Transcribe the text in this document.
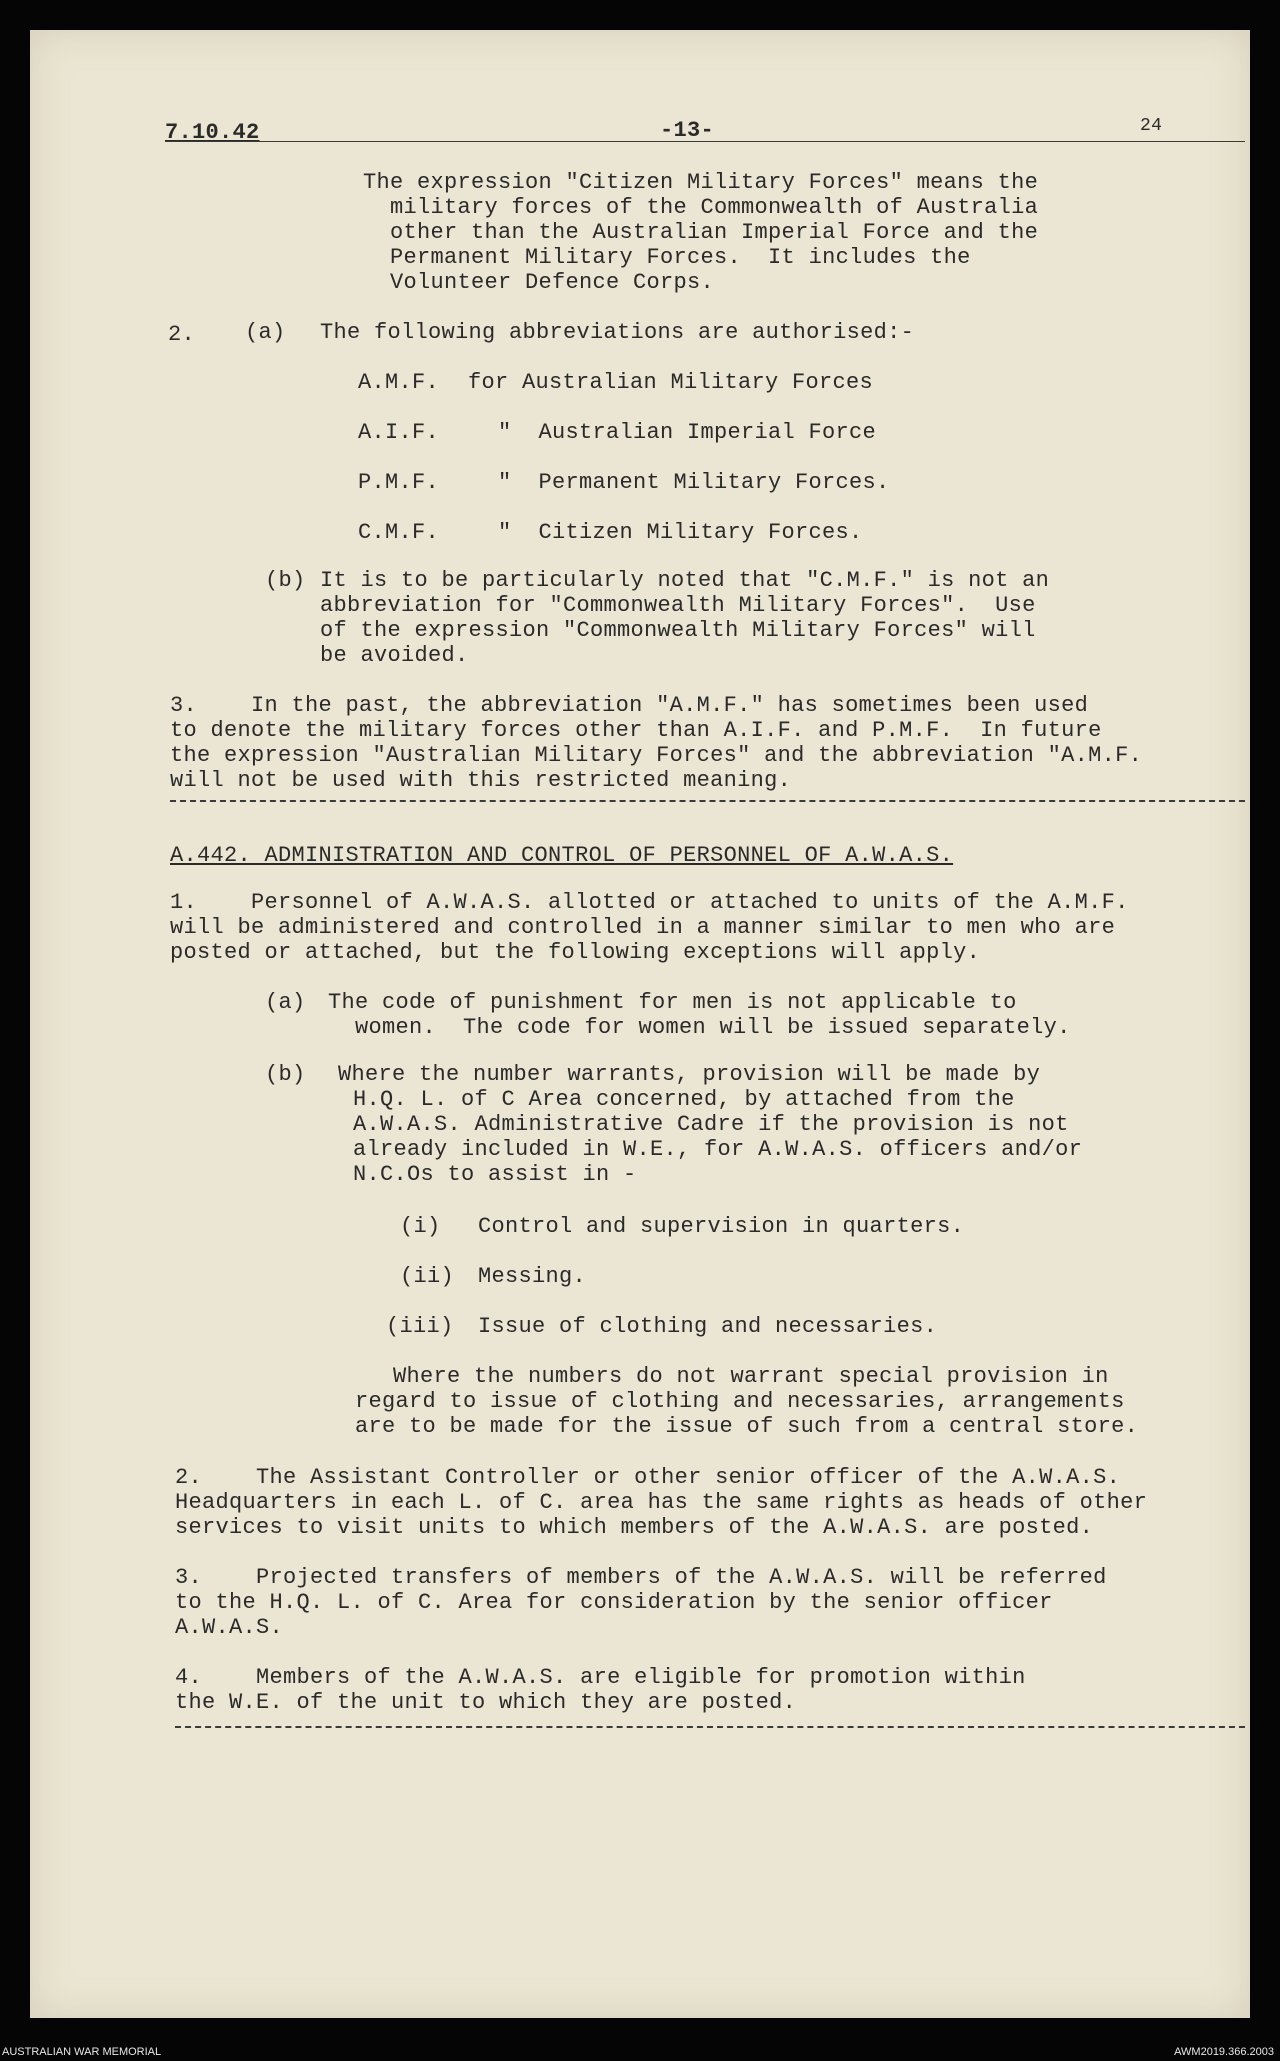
7.10.42	-13-	24
The expression "Citizen Military Forces" means the
military forces of the Commonwealth of Australia
other than the Australian Imperial Force and the
Permanent Military Forces.  It includes the
Volunteer Defence Corps.
2. (a) The following abbreviations are authorised:-
A.M.F. for Australian Military Forces
A.I.F.	"  Australian Imperial Force
P.M.F.	"  Permanent Military Forces.
C.M.F.	"  Citizen Military Forces.
(b) It is to be particularly noted that "C.M.F." is not an
abbreviation for "Commonwealth Military Forces".  Use
of the expression "Commonwealth Military Forces" will
be avoided.
3.    In the past, the abbreviation "A.M.F." has sometimes been used
to denote the military forces other than A.I.F. and P.M.F.  In future
the expression "Australian Military Forces" and the abbreviation "A.M.F.
will not be used with this restricted meaning.
A.442. ADMINISTRATION AND CONTROL OF PERSONNEL OF A.W.A.S.
1.    Personnel of A.W.A.S. allotted or attached to units of the A.M.F.
will be administered and controlled in a manner similar to men who are
posted or attached, but the following exceptions will apply.
(a) The code of punishment for men is not applicable to
women.  The code for women will be issued separately.
(b) Where the number warrants, provision will be made by
H.Q. L. of C Area concerned, by attached from the
A.W.A.S. Administrative Cadre if the provision is not
already included in W.E., for A.W.A.S. officers and/or
N.C.Os to assist in -
(i) Control and supervision in quarters.
(ii) Messing.
(iii) Issue of clothing and necessaries.
Where the numbers do not warrant special provision in
regard to issue of clothing and necessaries, arrangements
are to be made for the issue of such from a central store.
2.    The Assistant Controller or other senior officer of the A.W.A.S.
Headquarters in each L. of C. area has the same rights as heads of other
services to visit units to which members of the A.W.A.S. are posted.
3.    Projected transfers of members of the A.W.A.S. will be referred
to the H.Q. L. of C. Area for consideration by the senior officer
A.W.A.S.
4.    Members of the A.W.A.S. are eligible for promotion within
the W.E. of the unit to which they are posted.
AUSTRALIAN WAR MEMORIAL	AWM2019.366.2003
